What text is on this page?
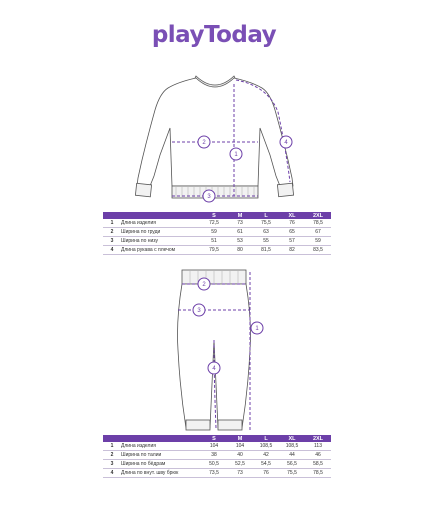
playToday
1
2
3
4
1
2
3
4
		S	M	L	XL	2XL
1	Длина изделия	72,5	73	75,5	76	78,5
2	Ширина по груди	59	61	63	65	67
3	Ширина по низу	51	53	55	57	59
4	Длина рукава с плечом	79,5	80	81,5	82	83,5
		S	M	L	XL	2XL
1	Длина изделия	104	104	108,5	108,5	113
2	Ширина по талии	38	40	42	44	46
3	Ширина по бёдрам	50,5	52,5	54,5	56,5	58,5
4	Длина по внут. шву брюк	73,5	73	76	75,5	78,5
